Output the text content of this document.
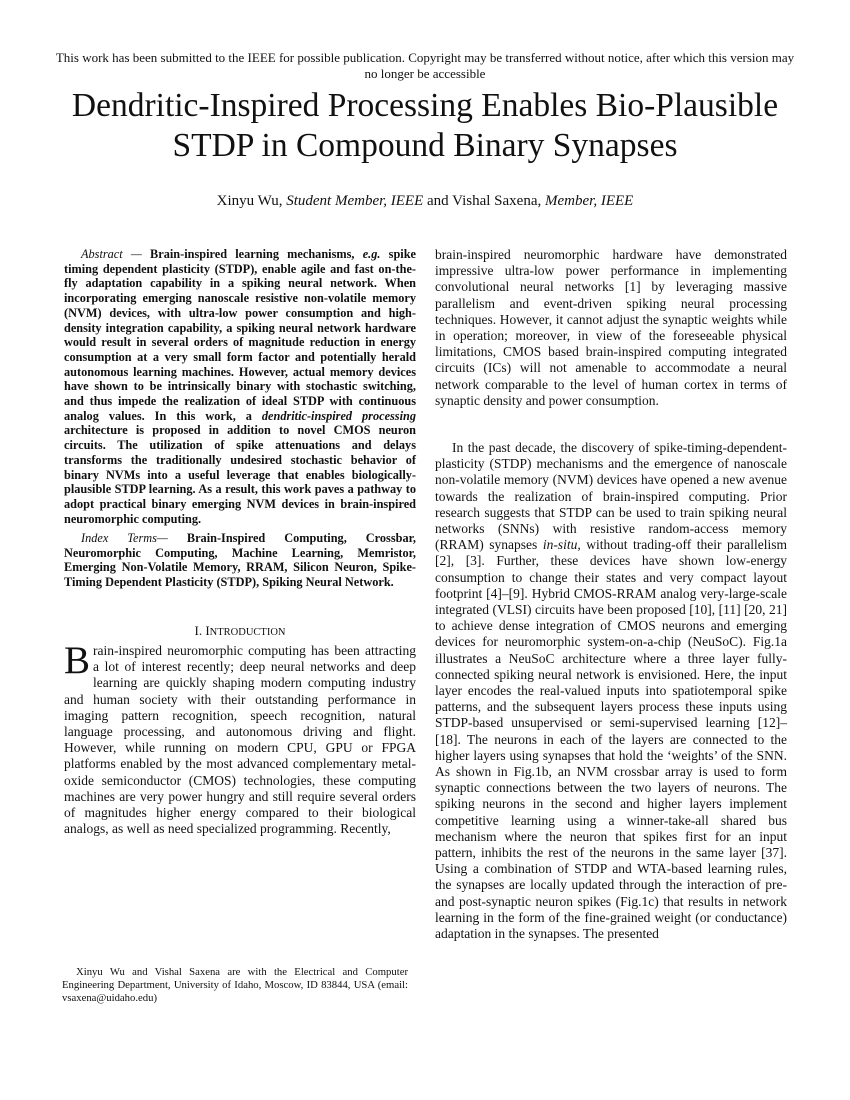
This work has been submitted to the IEEE for possible publication. Copyright may be transferred without notice, after which this version may no longer be accessible
Dendritic-Inspired Processing Enables Bio-Plausible STDP in Compound Binary Synapses
Xinyu Wu, Student Member, IEEE and Vishal Saxena, Member, IEEE

Abstract — Brain-inspired learning mechanisms, e.g. spike timing dependent plasticity (STDP), enable agile and fast on-the-fly adaptation capability in a spiking neural network. When incorporating emerging nanoscale resistive non-volatile memory (NVM) devices, with ultra-low power consumption and high-density integration capability, a spiking neural network hardware would result in several orders of magnitude reduction in energy consumption at a very small form factor and potentially herald autonomous learning machines. However, actual memory devices have shown to be intrinsically binary with stochastic switching, and thus impede the realization of ideal STDP with continuous analog values. In this work, a dendritic-inspired processing architecture is proposed in addition to novel CMOS neuron circuits. The utilization of spike attenuations and delays transforms the traditionally undesired stochastic behavior of binary NVMs into a useful leverage that enables biologically-plausible STDP learning. As a result, this work paves a pathway to adopt practical binary emerging NVM devices in brain-inspired neuromorphic computing.

Index Terms— Brain-Inspired Computing, Crossbar, Neuromorphic Computing, Machine Learning, Memristor, Emerging Non-Volatile Memory, RRAM, Silicon Neuron, Spike-Timing Dependent Plasticity (STDP), Spiking Neural Network.

I. INTRODUCTION
B rain-inspired neuromorphic computing has been attracting a lot of interest recently; deep neural networks and deep learning are quickly shaping modern computing industry and human society with their outstanding performance in imaging pattern recognition, speech recognition, natural language processing, and autonomous driving and flight. However, while running on modern CPU, GPU or FPGA platforms enabled by the most advanced complementary metal-oxide semiconductor (CMOS) technologies, these computing machines are very power hungry and still require several orders of magnitudes higher energy compared to their biological analogs, as well as need specialized programming. Recently,

brain-inspired neuromorphic hardware have demonstrated impressive ultra-low power performance in implementing convolutional neural networks [1] by leveraging massive parallelism and event-driven spiking neural processing techniques. However, it cannot adjust the synaptic weights while in operation; moreover, in view of the foreseeable physical limitations, CMOS based brain-inspired computing integrated circuits (ICs) will not amenable to accommodate a neural network comparable to the level of human cortex in terms of synaptic density and power consumption.

In the past decade, the discovery of spike-timing-dependent-plasticity (STDP) mechanisms and the emergence of nanoscale non-volatile memory (NVM) devices have opened a new avenue towards the realization of brain-inspired computing. Prior research suggests that STDP can be used to train spiking neural networks (SNNs) with resistive random-access memory (RRAM) synapses in-situ, without trading-off their parallelism [2], [3]. Further, these devices have shown low-energy consumption to change their states and very compact layout footprint [4]–[9]. Hybrid CMOS-RRAM analog very-large-scale integrated (VLSI) circuits have been proposed [10], [11] [20, 21] to achieve dense integration of CMOS neurons and emerging devices for neuromorphic system-on-a-chip (NeuSoC). Fig.1a illustrates a NeuSoC architecture where a three layer fully-connected spiking neural network is envisioned. Here, the input layer encodes the real-valued inputs into spatiotemporal spike patterns, and the subsequent layers process these inputs using STDP-based unsupervised or semi-supervised learning [12]–[18]. The neurons in each of the layers are connected to the higher layers using synapses that hold the ‘weights’ of the SNN. As shown in Fig.1b, an NVM crossbar array is used to form synaptic connections between the two layers of neurons. The spiking neurons in the second and higher layers implement competitive learning using a winner-take-all shared bus mechanism where the neuron that spikes first for an input pattern, inhibits the rest of the neurons in the same layer [37]. Using a combination of STDP and WTA-based learning rules, the synapses are locally updated through the interaction of pre- and post-synaptic neuron spikes (Fig.1c) that results in network learning in the form of the fine-grained weight (or conductance) adaptation in the synapses. The presented

Xinyu Wu and Vishal Saxena are with the Electrical and Computer Engineering Department, University of Idaho, Moscow, ID 83844, USA (email: vsaxena@uidaho.edu)
